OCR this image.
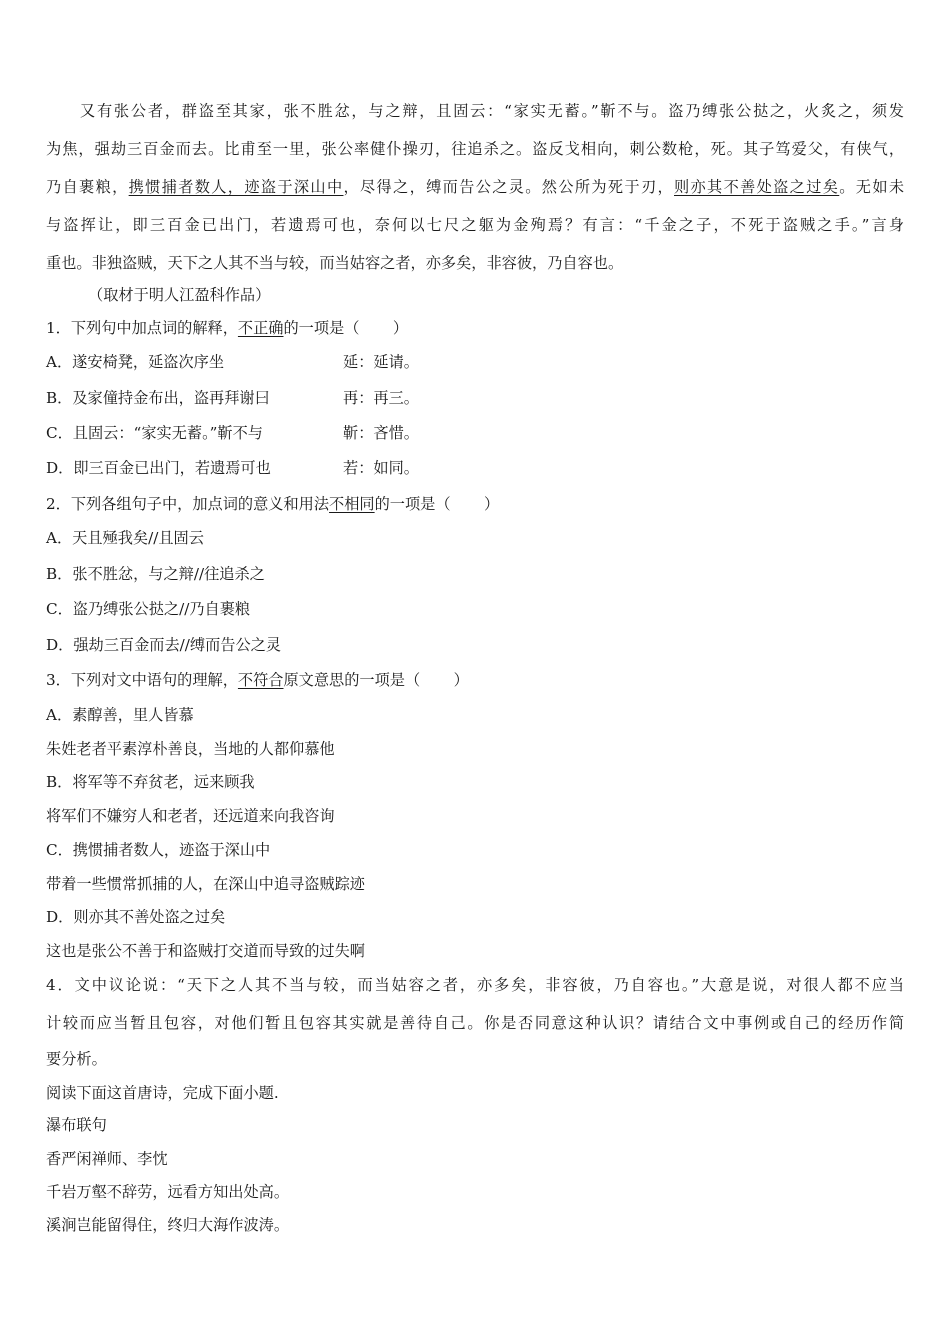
又有张公者，群盗至其家，张不胜忿，与之辩，且固云：“家实无蓄。”靳不与。盗乃缚张公挞之，火炙之，须发
为焦，强劫三百金而去。比甫至一里，张公率健仆操刃，往追杀之。盗反戈相向，刺公数枪，死。其子笃爱父，有侠气，
乃自裹粮，携惯捕者数人，迹盗于深山中，尽得之，缚而告公之灵。然公所为死于刃，则亦其不善处盗之过矣。无如未
与盗挥让，即三百金已出门，若遗焉可也，奈何以七尺之躯为金殉焉？有言：“千金之子，不死于盗贼之手。”言身
重也。非独盗贼，天下之人其不当与较，而当姑容之者，亦多矣，非容彼，乃自容也。
（取材于明人江盈科作品）
1．下列句中加点词的解释，不正确的一项是（ ）
A．遂安椅凳，延盗次序坐	延：延请。
B．及家僮持金布出，盗再拜谢曰	再：再三。
C．且固云：“家实无蓄。”靳不与	靳：吝惜。
D．即三百金已出门，若遗焉可也	若：如同。
2．下列各组句子中，加点词的意义和用法不相同的一项是（ ）
A．天且殛我矣//且固云
B．张不胜忿，与之辩//往追杀之
C．盗乃缚张公挞之//乃自裹粮
D．强劫三百金而去//缚而告公之灵
3．下列对文中语句的理解，不符合原文意思的一项是（ ）
A．素醇善，里人皆慕
朱姓老者平素淳朴善良，当地的人都仰慕他
B．将军等不弃贫老，远来顾我
将军们不嫌穷人和老者，还远道来向我咨询
C．携惯捕者数人，迹盗于深山中
带着一些惯常抓捕的人，在深山中追寻盗贼踪迹
D．则亦其不善处盗之过矣
这也是张公不善于和盗贼打交道而导致的过失啊
4．文中议论说：“天下之人其不当与较，而当姑容之者，亦多矣，非容彼，乃自容也。”大意是说，对很人都不应当
计较而应当暂且包容，对他们暂且包容其实就是善待自己。你是否同意这种认识？请结合文中事例或自己的经历作简
要分析。
阅读下面这首唐诗，完成下面小题.
瀑布联句
香严闲禅师、李忱
千岩万壑不辞劳，远看方知出处高。
溪涧岂能留得住，终归大海作波涛。
